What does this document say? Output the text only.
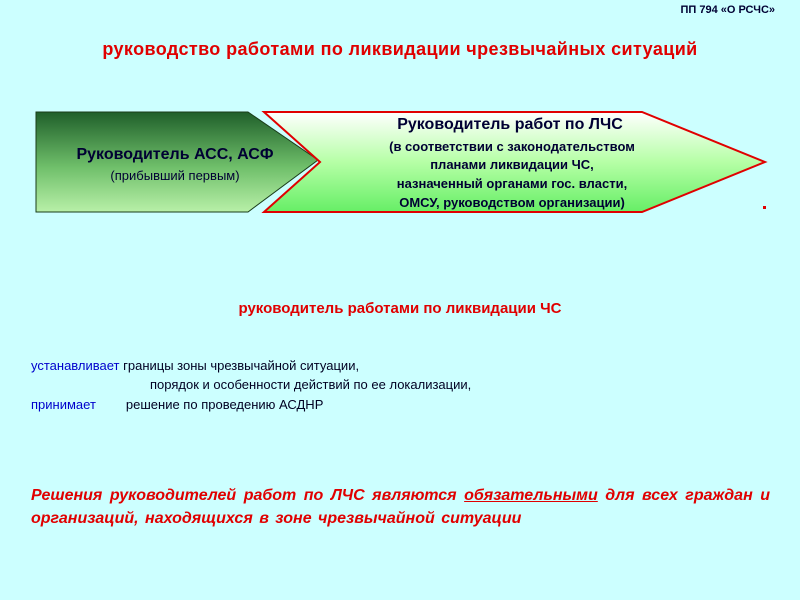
ПП 794 «О РСЧС»
руководство работами по ликвидации чрезвычайных ситуаций
Руководитель АСС, АСФ
(прибывший первым)
Руководитель работ по ЛЧС
(в соответствии с законодательством
планами ликвидации ЧС,
назначенный органами гос. власти,
ОМСУ, руководством организации)
руководитель работами по ликвидации ЧС
устанавливает границы зоны чрезвычайной ситуации,
порядок и особенности действий по ее локализации,
принимает решение по проведению АСДНР
Решения руководителей работ по ЛЧС являются обязательными для всех граждан и организаций, находящихся в зоне чрезвычайной ситуации
